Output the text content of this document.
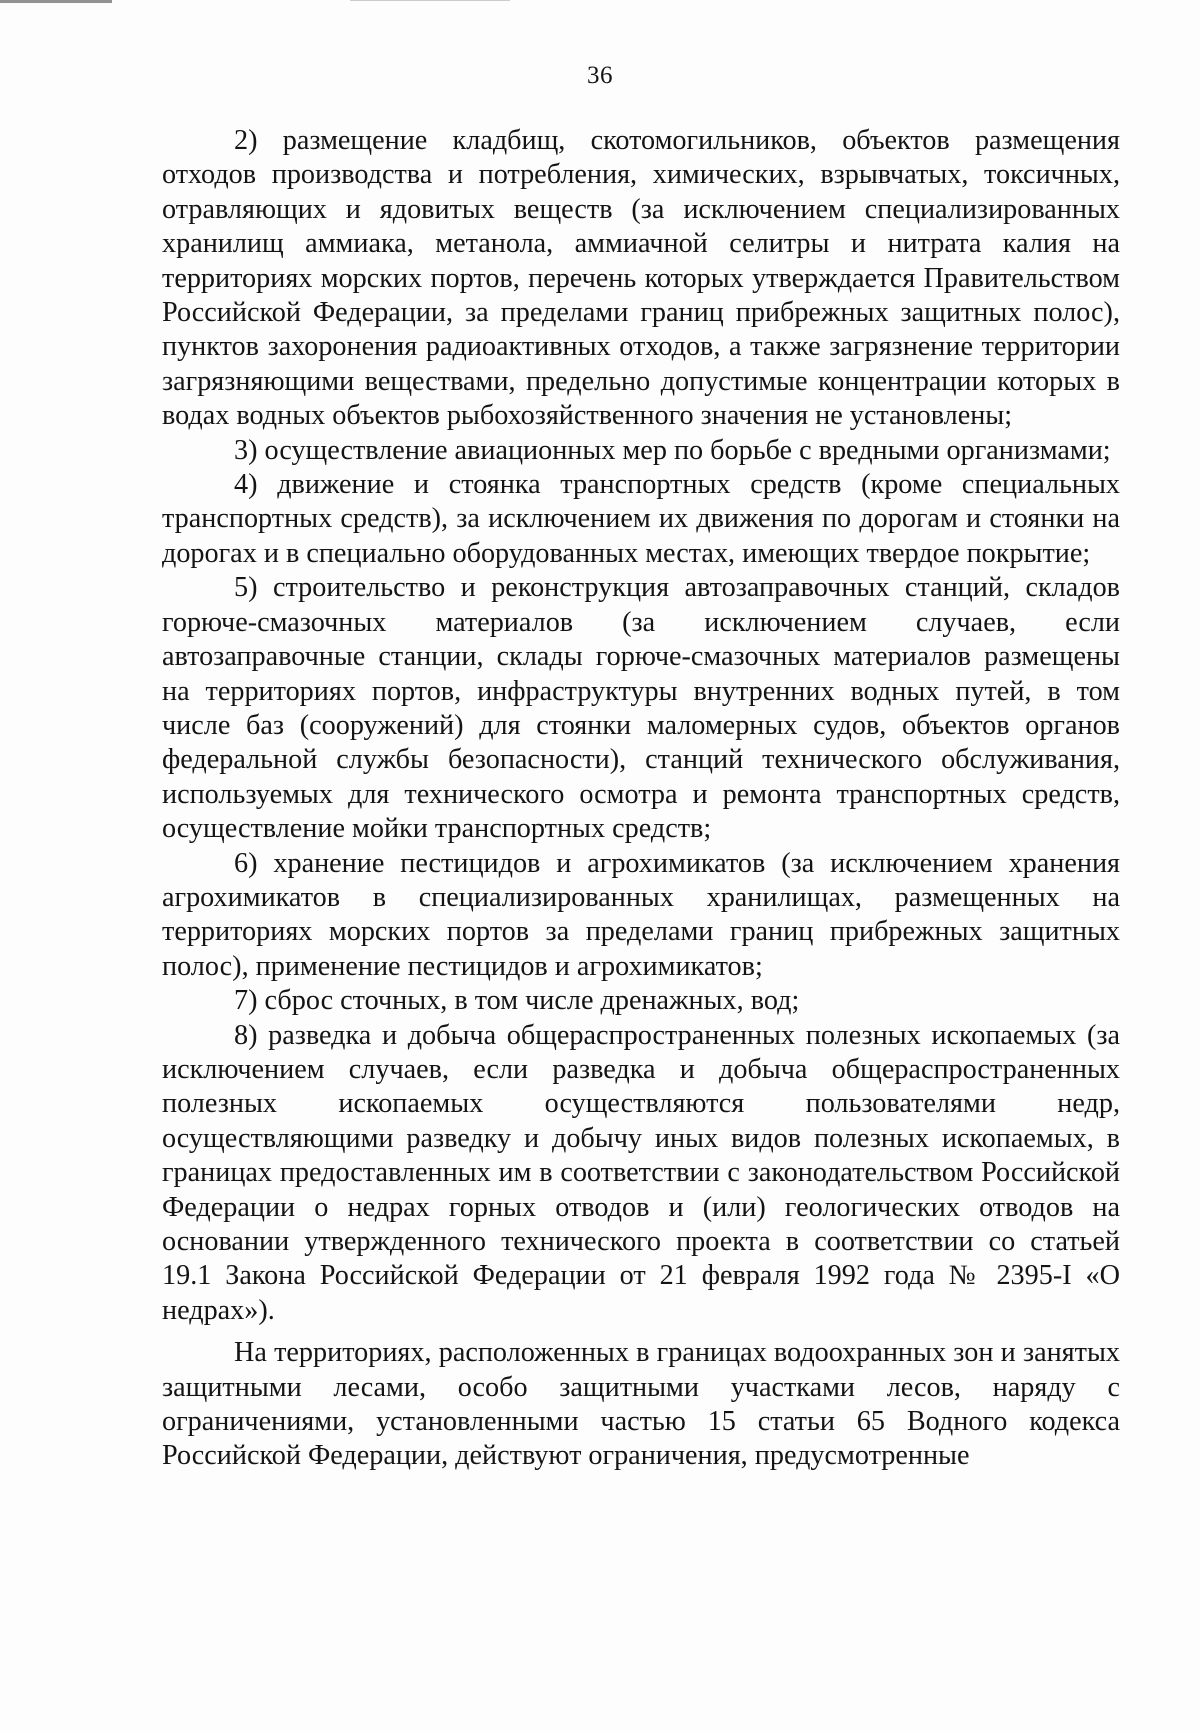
36

2) размещение кладбищ, скотомогильников, объектов размещения отходов производства и потребления, химических, взрывчатых, токсичных, отравляющих и ядовитых веществ (за исключением специализированных хранилищ аммиака, метанола, аммиачной селитры и нитрата калия на территориях морских портов, перечень которых утверждается Правительством Российской Федерации, за пределами границ прибрежных защитных полос), пунктов захоронения радиоактивных отходов, а также загрязнение территории загрязняющими веществами, предельно допустимые концентрации которых в водах водных объектов рыбохозяйственного значения не установлены;

3) осуществление авиационных мер по борьбе с вредными организмами;

4) движение и стоянка транспортных средств (кроме специальных транспортных средств), за исключением их движения по дорогам и стоянки на дорогах и в специально оборудованных местах, имеющих твердое покрытие;

5) строительство и реконструкция автозаправочных станций, складов горюче-смазочных материалов (за исключением случаев, если автозаправочные станции, склады горюче-смазочных материалов размещены на территориях портов, инфраструктуры внутренних водных путей, в том числе баз (сооружений) для стоянки маломерных судов, объектов органов федеральной службы безопасности), станций технического обслуживания, используемых для технического осмотра и ремонта транспортных средств, осуществление мойки транспортных средств;

6) хранение пестицидов и агрохимикатов (за исключением хранения агрохимикатов в специализированных хранилищах, размещенных на территориях морских портов за пределами границ прибрежных защитных полос), применение пестицидов и агрохимикатов;

7) сброс сточных, в том числе дренажных, вод;

8) разведка и добыча общераспространенных полезных ископаемых (за исключением случаев, если разведка и добыча общераспространенных полезных ископаемых осуществляются пользователями недр, осуществляющими разведку и добычу иных видов полезных ископаемых, в границах предоставленных им в соответствии с законодательством Российской Федерации о недрах горных отводов и (или) геологических отводов на основании утвержденного технического проекта в соответствии со статьей 19.1 Закона Российской Федерации от 21 февраля 1992 года № 2395-I «О недрах»).

На территориях, расположенных в границах водоохранных зон и занятых защитными лесами, особо защитными участками лесов, наряду с ограничениями, установленными частью 15 статьи 65 Водного кодекса Российской Федерации, действуют ограничения, предусмотренные
